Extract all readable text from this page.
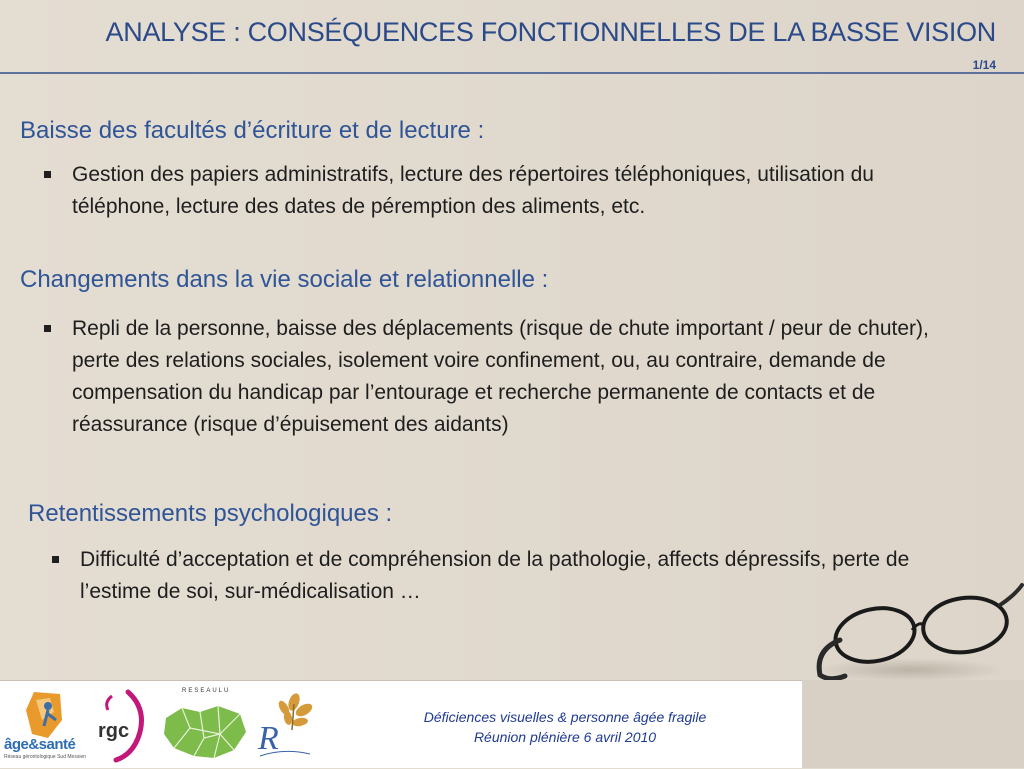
ANALYSE : CONSÉQUENCES FONCTIONNELLES DE LA BASSE VISION
1/14
Baisse des facultés d’écriture et de lecture :
Gestion des papiers administratifs, lecture des répertoires téléphoniques, utilisation du téléphone, lecture des dates de péremption des aliments, etc.
Changements dans la vie sociale et relationnelle :
Repli de la personne, baisse des déplacements (risque de chute important / peur de chuter), perte des relations sociales, isolement voire confinement, ou, au contraire, demande de compensation du handicap par l’entourage et recherche permanente de contacts et de réassurance (risque d’épuisement des aidants)
Retentissements psychologiques :
Difficulté d’acceptation et de compréhension de la pathologie, affects dépressifs, perte de l’estime de soi, sur-médicalisation …
âge&santé
Réseau gérontologique Sud Messien
rgc
RESEAULU
R
Déficiences visuelles & personne âgée fragile
Réunion plénière 6 avril 2010
